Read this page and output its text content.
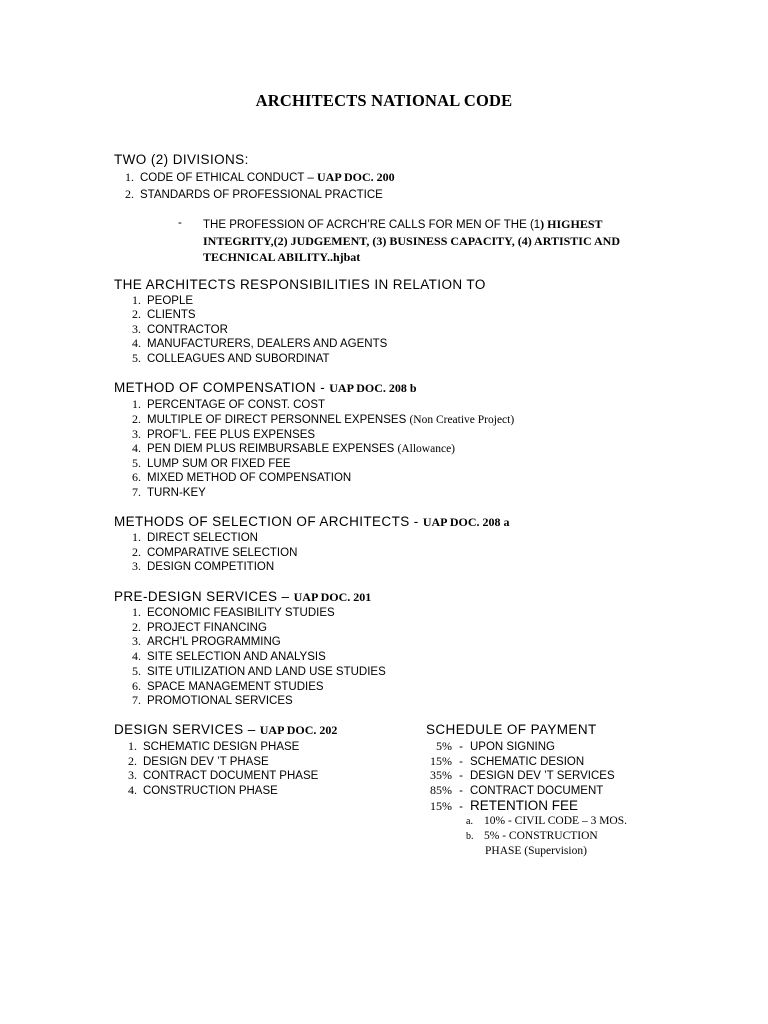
ARCHITECTS NATIONAL CODE
TWO (2) DIVISIONS:
1. CODE OF ETHICAL CONDUCT – UAP DOC. 200
2. STANDARDS OF PROFESSIONAL PRACTICE
- THE PROFESSION OF ACRCH’RE CALLS FOR MEN OF THE (1) HIGHEST INTEGRITY,(2) JUDGEMENT, (3) BUSINESS CAPACITY, (4) ARTISTIC AND TECHNICAL ABILITY..hjbat
THE ARCHITECTS RESPONSIBILITIES IN RELATION TO
1. PEOPLE
2. CLIENTS
3. CONTRACTOR
4. MANUFACTURERS, DEALERS AND AGENTS
5. COLLEAGUES AND SUBORDINAT
METHOD OF COMPENSATION - UAP DOC. 208 b
1. PERCENTAGE OF CONST. COST
2. MULTIPLE OF DIRECT PERSONNEL EXPENSES (Non Creative Project)
3. PROF’L. FEE PLUS EXPENSES
4. PEN DIEM PLUS REIMBURSABLE EXPENSES (Allowance)
5. LUMP SUM OR FIXED FEE
6. MIXED METHOD OF COMPENSATION
7. TURN-KEY
METHODS OF SELECTION OF ARCHITECTS - UAP DOC. 208 a
1. DIRECT SELECTION
2. COMPARATIVE SELECTION
3. DESIGN COMPETITION
PRE-DESIGN SERVICES – UAP DOC. 201
1. ECONOMIC FEASIBILITY STUDIES
2. PROJECT FINANCING
3. ARCH’L PROGRAMMING
4. SITE SELECTION AND ANALYSIS
5. SITE UTILIZATION AND LAND USE STUDIES
6. SPACE MANAGEMENT STUDIES
7. PROMOTIONAL SERVICES
DESIGN SERVICES – UAP DOC. 202
1. SCHEMATIC DESIGN PHASE
2. DESIGN DEV ’T PHASE
3. CONTRACT DOCUMENT PHASE
4. CONSTRUCTION PHASE
SCHEDULE OF PAYMENT
5% - UPON SIGNING
15% - SCHEMATIC DESION
35% - DESIGN DEV ’T SERVICES
85% - CONTRACT DOCUMENT
15% - RETENTION FEE
a. 10% - CIVIL CODE – 3 MOS.
b. 5% - CONSTRUCTION
PHASE (Supervision)
